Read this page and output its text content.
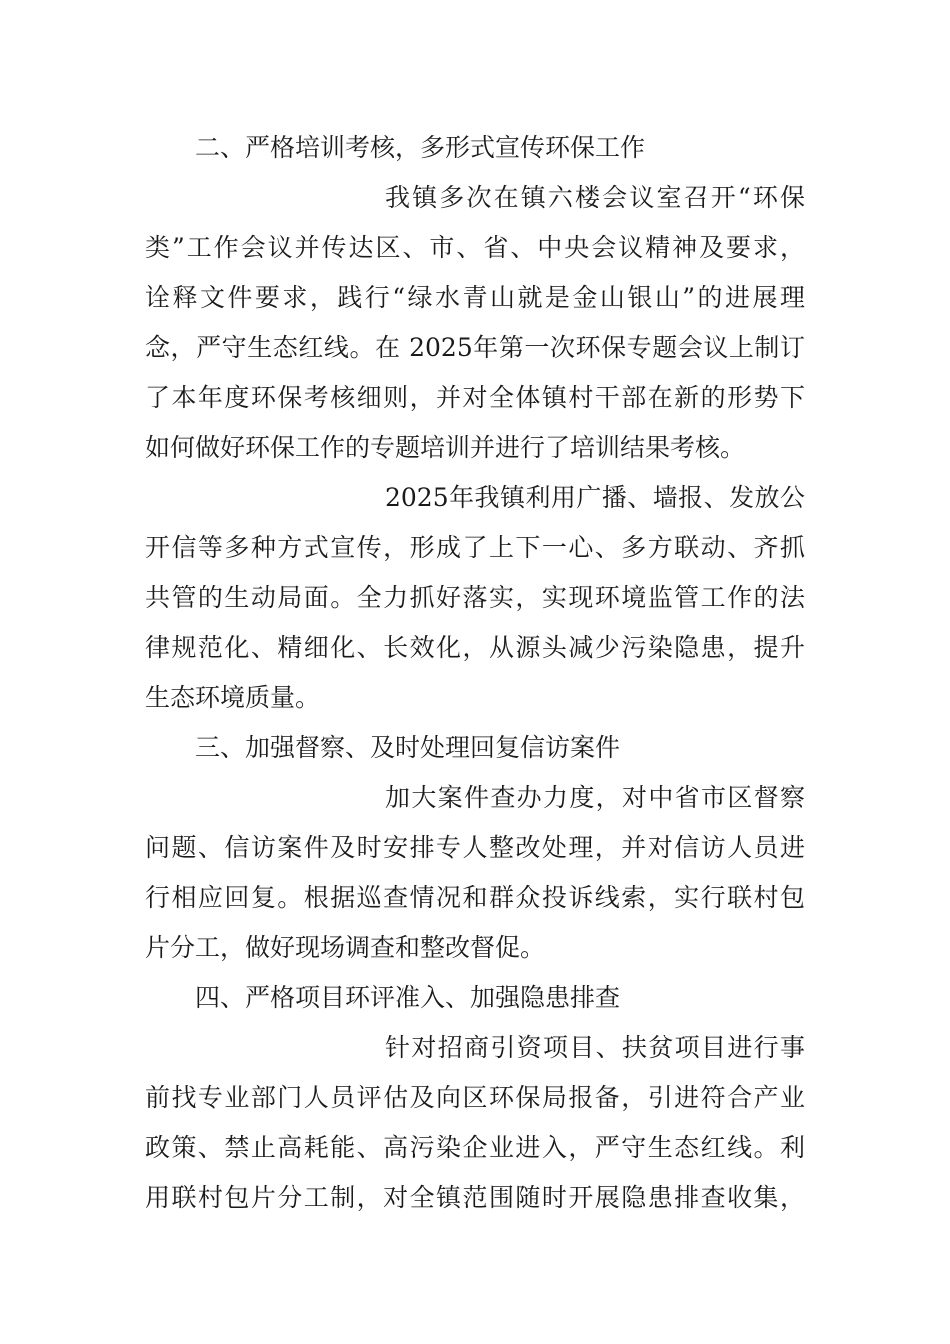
二、严格培训考核，多形式宣传环保工作
我镇多次在镇六楼会议室召开“环保
类”工作会议并传达区、市、省、中央会议精神及要求，
诠释文件要求，践行“绿水青山就是金山银山”的进展理
念，严守生态红线。在 2025年第一次环保专题会议上制订
了本年度环保考核细则，并对全体镇村干部在新的形势下
如何做好环保工作的专题培训并进行了培训结果考核。
2025年我镇利用广播、墙报、发放公
开信等多种方式宣传，形成了上下一心、多方联动、齐抓
共管的生动局面。全力抓好落实，实现环境监管工作的法
律规范化、精细化、长效化，从源头减少污染隐患，提升
生态环境质量。
三、加强督察、及时处理回复信访案件
加大案件查办力度，对中省市区督察
问题、信访案件及时安排专人整改处理，并对信访人员进
行相应回复。根据巡查情况和群众投诉线索，实行联村包
片分工，做好现场调查和整改督促。
四、严格项目环评准入、加强隐患排查
针对招商引资项目、扶贫项目进行事
前找专业部门人员评估及向区环保局报备，引进符合产业
政策、禁止高耗能、高污染企业进入，严守生态红线。利
用联村包片分工制，对全镇范围随时开展隐患排查收集，
